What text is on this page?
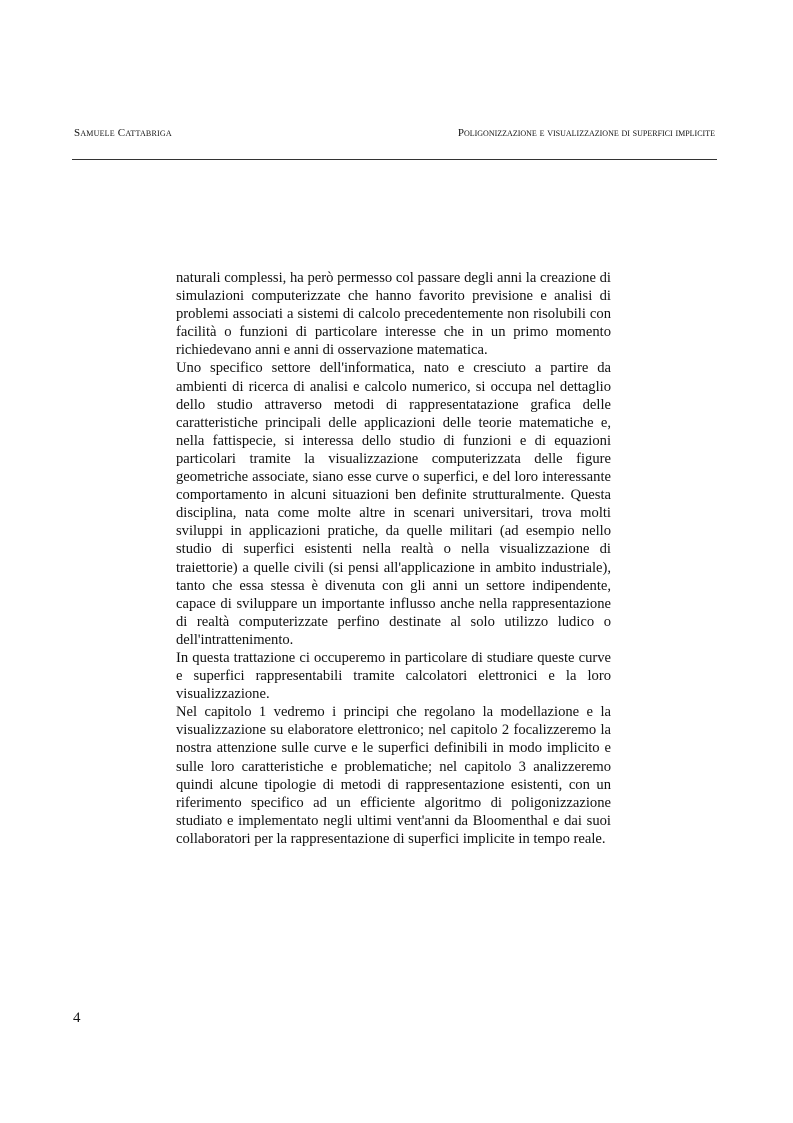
Samuele Cattabriga	Poligonizzazione e visualizzazione di superfici implicite

naturali complessi, ha però permesso col passare degli anni la creazione di simulazioni computerizzate che hanno favorito previsione e analisi di problemi associati a sistemi di calcolo precedentemente non risolubili con facilità o funzioni di particolare interesse che in un primo momento richiedevano anni e anni di osservazione matematica.

Uno specifico settore dell'informatica, nato e cresciuto a partire da ambienti di ricerca di analisi e calcolo numerico, si occupa nel dettaglio dello studio attraverso metodi di rappresentatazione grafica delle caratteristiche principali delle applicazioni delle teorie matematiche e, nella fattispecie, si interessa dello studio di funzioni e di equazioni particolari tramite la visualizzazione computerizzata delle figure geometriche associate, siano esse curve o superfici, e del loro interessante comportamento in alcuni situazioni ben definite strutturalmente. Questa disciplina, nata come molte altre in scenari universitari, trova molti sviluppi in applicazioni pratiche, da quelle militari (ad esempio nello studio di superfici esistenti nella realtà o nella visualizzazione di traiettorie) a quelle civili (si pensi all'applicazione in ambito industriale), tanto che essa stessa è divenuta con gli anni un settore indipendente, capace di sviluppare un importante influsso anche nella rappresentazione di realtà computerizzate perfino destinate al solo utilizzo ludico o dell'intrattenimento.

In questa trattazione ci occuperemo in particolare di studiare queste curve e superfici rappresentabili tramite calcolatori elettronici e la loro visualizzazione.

Nel capitolo 1 vedremo i principi che regolano la modellazione e la visualizzazione su elaboratore elettronico; nel capitolo 2 focalizzeremo la nostra attenzione sulle curve e le superfici definibili in modo implicito e sulle loro caratteristiche e problematiche; nel capitolo 3 analizzeremo quindi alcune tipologie di metodi di rappresentazione esistenti, con un riferimento specifico ad un efficiente algoritmo di poligonizzazione studiato e implementato negli ultimi vent'anni da Bloomenthal e dai suoi collaboratori per la rappresentazione di superfici implicite in tempo reale.

4
